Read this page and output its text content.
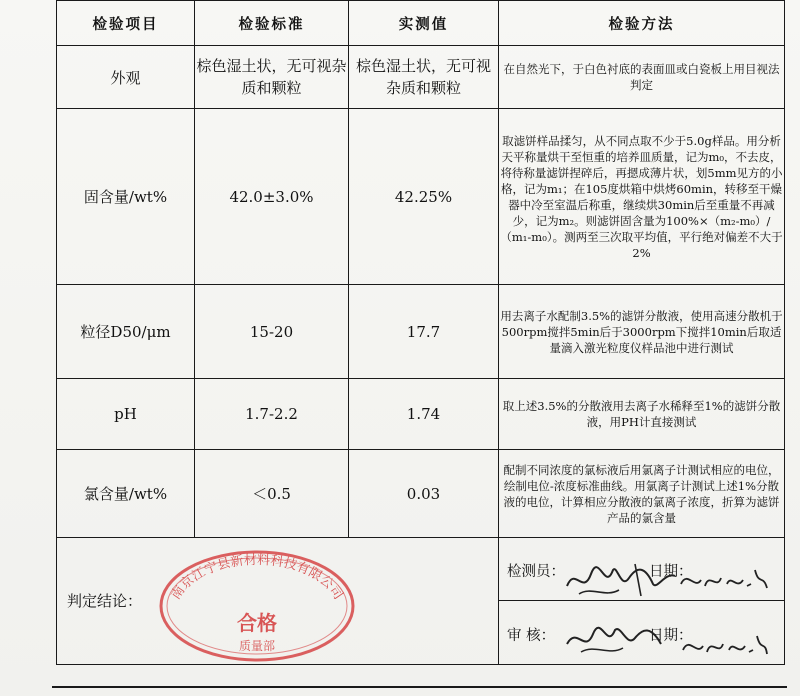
检验项目	检验标准	实测值	检验方法
外观	棕色湿土状，无可视杂质和颗粒	棕色湿土状，无可视杂质和颗粒	在自然光下，于白色衬底的表面皿或白瓷板上用目视法判定
固含量/wt%	42.0±3.0%	42.25%	取滤饼样品揉匀，从不同点取不少于5.0g样品。用分析天平称量烘干至恒重的培养皿质量，记为m₀，不去皮，将待称量滤饼捏碎后，再摁成薄片状，划5mm见方的小格，记为m₁；在105度烘箱中烘烤60min，转移至干燥器中冷至室温后称重，继续烘30min后至重量不再减少，记为m₂。则滤饼固含量为100%×（m₂-m₀）/（m₁-m₀）。测两至三次取平均值，平行绝对偏差不大于2%
粒径D50/μm	15-20	17.7	用去离子水配制3.5%的滤饼分散液，使用高速分散机于500rpm搅拌5min后于3000rpm下搅拌10min后取适量滴入激光粒度仪样品池中进行测试
pH	1.7-2.2	1.74	取上述3.5%的分散液用去离子水稀释至1%的滤饼分散液，用PH计直接测试
氯含量/wt%	＜0.5	0.03	配制不同浓度的氯标液后用氯离子计测试相应的电位，绘制电位-浓度标准曲线。用氯离子计测试上述1%分散液的电位，计算相应分散液的氯离子浓度，折算为滤饼产品的氯含量

判定结论： 南京江宁县新材料科技有限公司
合格
质量部			检测员： 日期：
审 核： 日期：
